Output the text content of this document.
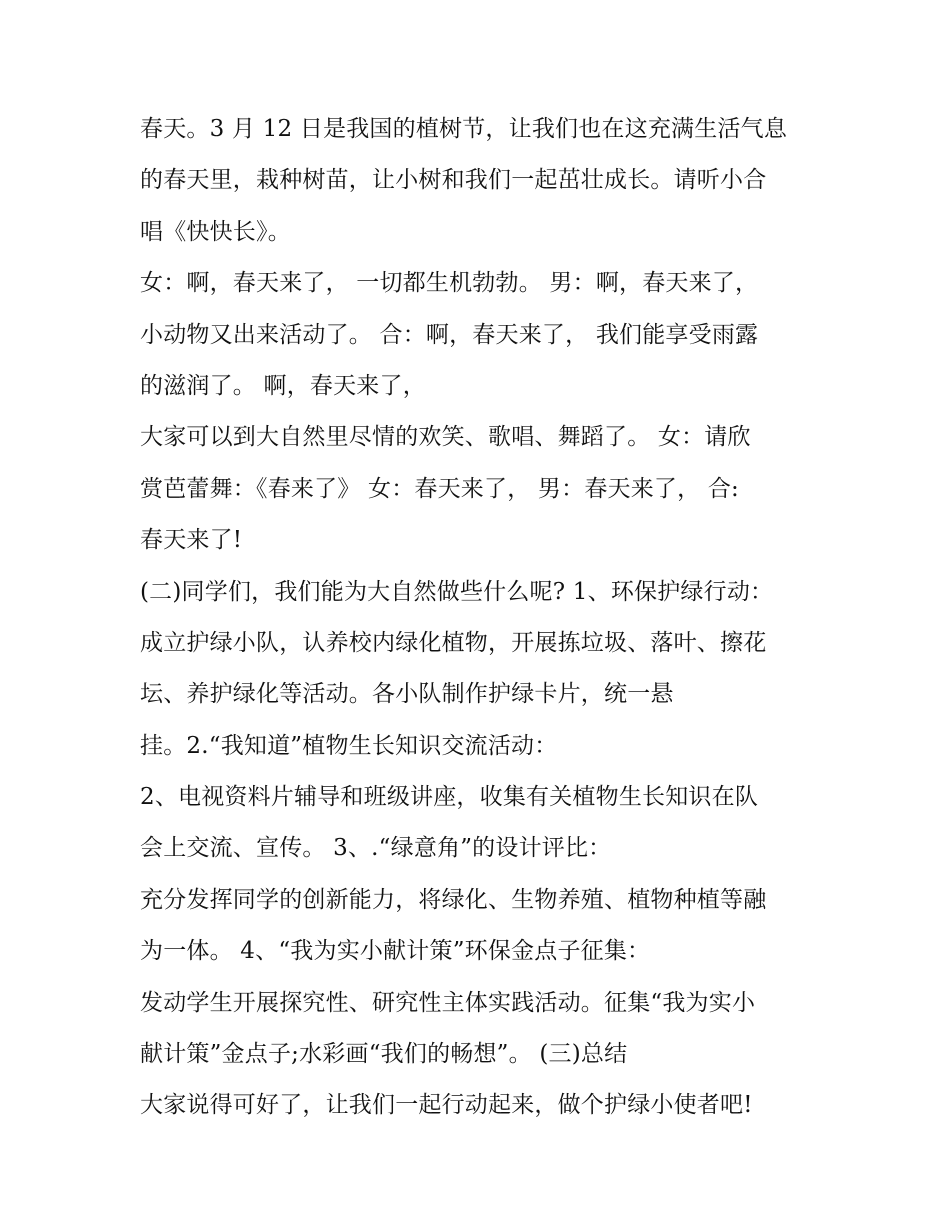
春天。3 月 12 日是我国的植树节，让我们也在这充满生活气息
的春天里，栽种树苗，让小树和我们一起茁壮成长。请听小合
唱《快快长》。
女：啊，春天来了， 一切都生机勃勃。 男：啊，春天来了，
小动物又出来活动了。 合：啊，春天来了， 我们能享受雨露
的滋润了。 啊，春天来了，
大家可以到大自然里尽情的欢笑、歌唱、舞蹈了。 女：请欣
赏芭蕾舞：《春来了》 女：春天来了， 男：春天来了， 合:
春天来了!
(二)同学们，我们能为大自然做些什么呢? 1、环保护绿行动：
成立护绿小队，认养校内绿化植物，开展拣垃圾、落叶、擦花
坛、养护绿化等活动。各小队制作护绿卡片，统一悬
挂。2.“我知道”植物生长知识交流活动：
2、电视资料片辅导和班级讲座，收集有关植物生长知识在队
会上交流、宣传。 3、.“绿意角”的设计评比：
充分发挥同学的创新能力，将绿化、生物养殖、植物种植等融
为一体。 4、“我为实小献计策”环保金点子征集：
发动学生开展探究性、研究性主体实践活动。征集“我为实小
献计策”金点子;水彩画“我们的畅想”。 (三)总结
大家说得可好了，让我们一起行动起来，做个护绿小使者吧!
